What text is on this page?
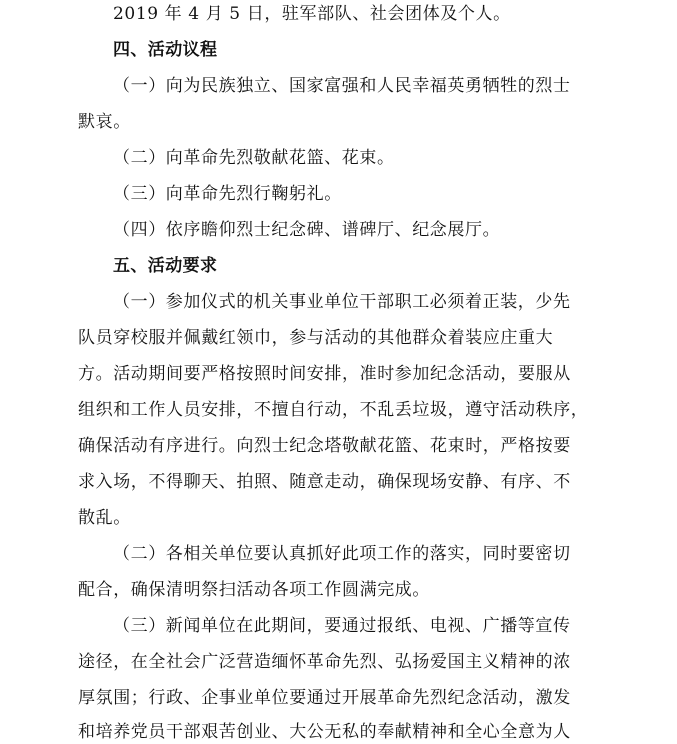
2019 年 4 月 5 日，驻军部队、社会团体及个人。
四、活动议程
（一）向为民族独立、国家富强和人民幸福英勇牺牲的烈士
默哀。
（二）向革命先烈敬献花篮、花束。
（三）向革命先烈行鞠躬礼。
（四）依序瞻仰烈士纪念碑、谱碑厅、纪念展厅。
五、活动要求
（一）参加仪式的机关事业单位干部职工必须着正装，少先
队员穿校服并佩戴红领巾，参与活动的其他群众着装应庄重大
方。活动期间要严格按照时间安排，准时参加纪念活动，要服从
组织和工作人员安排，不擅自行动，不乱丢垃圾，遵守活动秩序，
确保活动有序进行。向烈士纪念塔敬献花篮、花束时，严格按要
求入场，不得聊天、拍照、随意走动，确保现场安静、有序、不
散乱。
（二）各相关单位要认真抓好此项工作的落实，同时要密切
配合，确保清明祭扫活动各项工作圆满完成。
（三）新闻单位在此期间，要通过报纸、电视、广播等宣传
途径，在全社会广泛营造缅怀革命先烈、弘扬爱国主义精神的浓
厚氛围；行政、企事业单位要通过开展革命先烈纪念活动，激发
和培养党员干部艰苦创业、大公无私的奉献精神和全心全意为人
